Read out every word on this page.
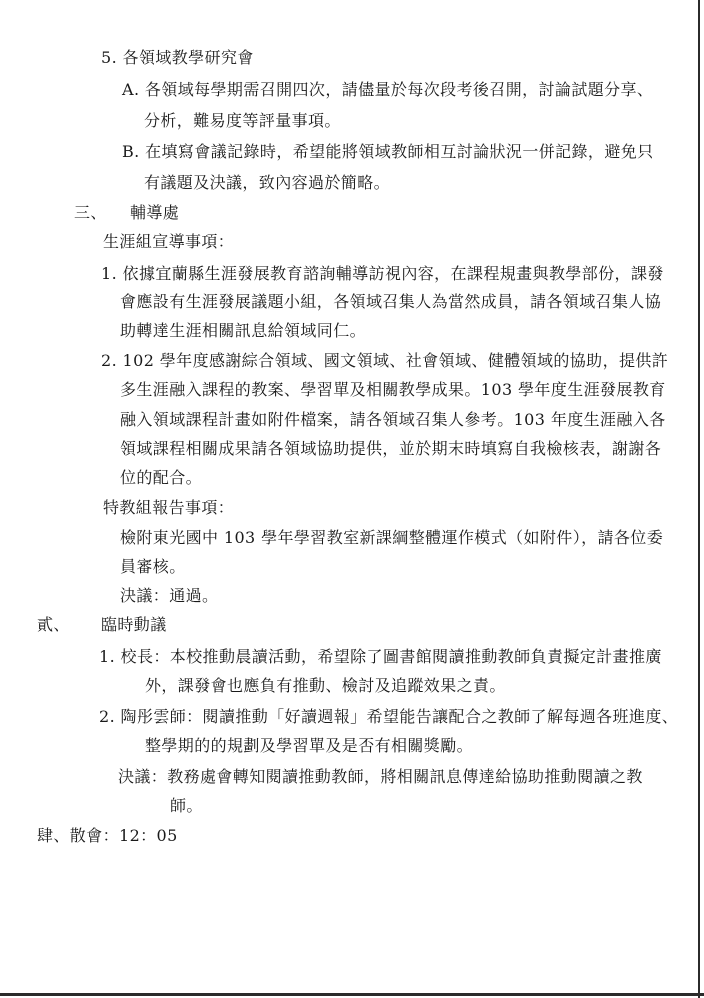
5. 各領域教學研究會
A. 各領域每學期需召開四次，請儘量於每次段考後召開，討論試題分享、
分析，難易度等評量事項。
B. 在填寫會議記錄時，希望能將領域教師相互討論狀況一併記錄，避免只
有議題及決議，致內容過於簡略。
三、 輔導處
生涯組宣導事項：
1. 依據宜蘭縣生涯發展教育諮詢輔導訪視內容，在課程規畫與教學部份，課發
會應設有生涯發展議題小組，各領域召集人為當然成員，請各領域召集人協
助轉達生涯相關訊息給領域同仁。
2. 102 學年度感謝綜合領域、國文領域、社會領域、健體領域的協助，提供許
多生涯融入課程的教案、學習單及相關教學成果。103 學年度生涯發展教育
融入領域課程計畫如附件檔案，請各領域召集人參考。103 年度生涯融入各
領域課程相關成果請各領域協助提供，並於期末時填寫自我檢核表，謝謝各
位的配合。
特教組報告事項：
檢附東光國中 103 學年學習教室新課綱整體運作模式（如附件），請各位委
員審核。
決議：通過。
貳、 臨時動議
1. 校長：本校推動晨讀活動，希望除了圖書館閱讀推動教師負責擬定計畫推廣
外，課發會也應負有推動、檢討及追蹤效果之責。
2. 陶彤雲師：閱讀推動「好讀週報」希望能告讓配合之教師了解每週各班進度、
整學期的的規劃及學習單及是否有相關獎勵。
決議：教務處會轉知閱讀推動教師，將相關訊息傳達給協助推動閱讀之教
師。
肆、散會：12：05
